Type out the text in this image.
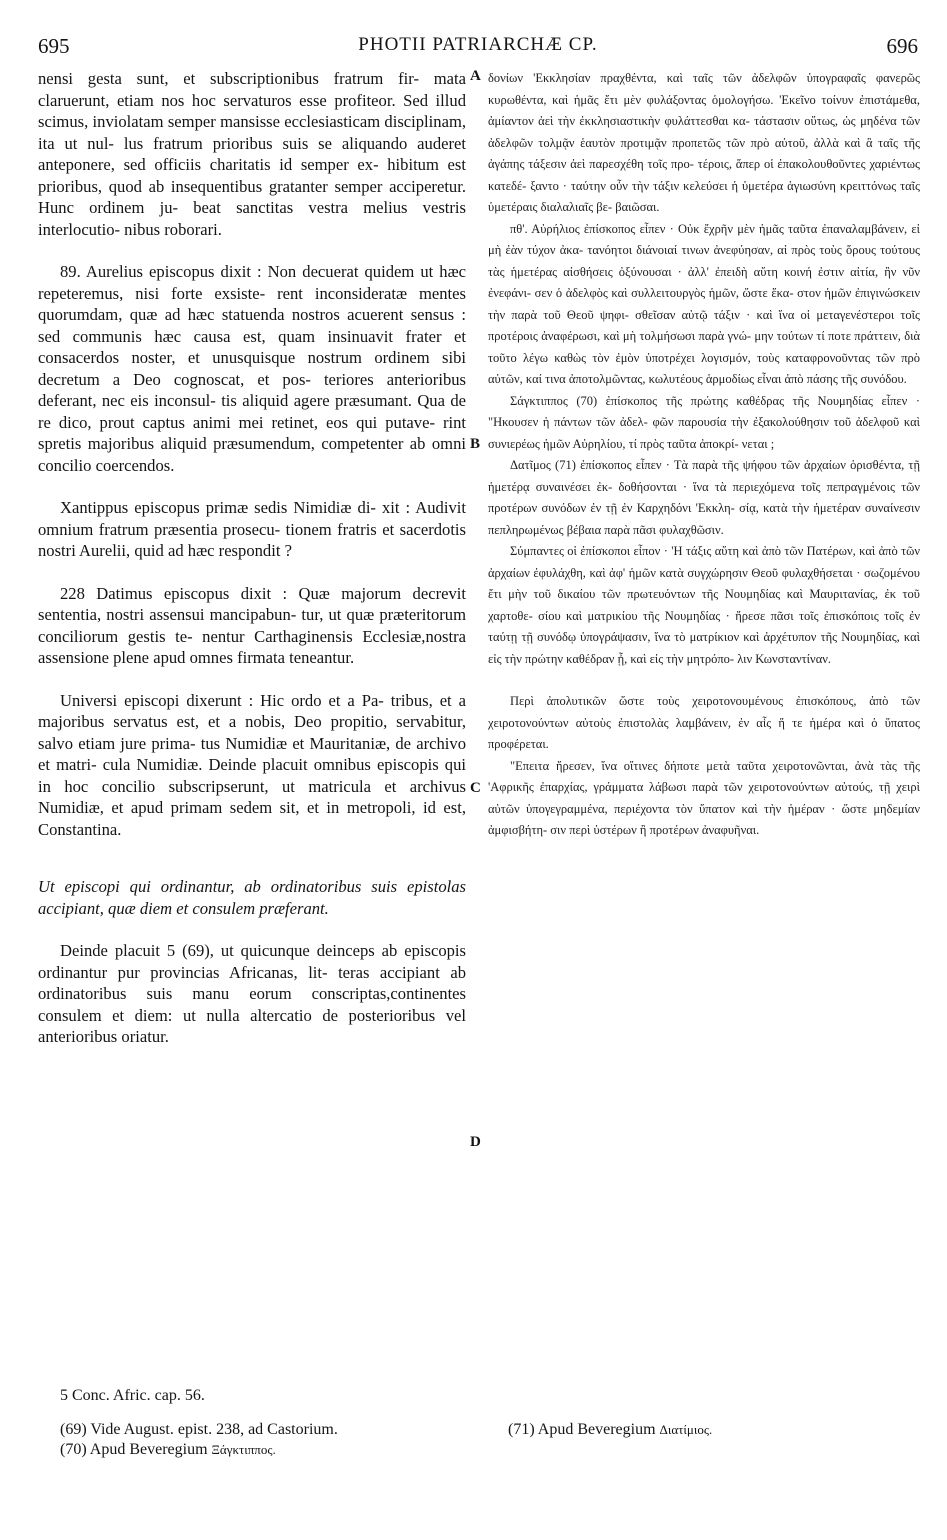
695	PHOTII PATRIARCHÆ CP.	696
A
B
C
D

nensi gesta sunt, et subscriptionibus fratrum fir- mata claruerunt, etiam nos hoc servaturos esse profiteor. Sed illud scimus, inviolatam semper mansisse ecclesiasticam disciplinam, ita ut nul- lus fratrum prioribus suis se aliquando auderet anteponere, sed officiis charitatis id semper ex- hibitum est prioribus, quod ab insequentibus gratanter semper acciperetur. Hunc ordinem ju- beat sanctitas vestra melius vestris interlocutio- nibus roborari.

89. Aurelius episcopus dixit : Non decuerat quidem ut hæc repeteremus, nisi forte exsiste- rent inconsideratæ mentes quorumdam, quæ ad hæc statuenda nostros acuerent sensus : sed communis hæc causa est, quam insinuavit frater et consacerdos noster, et unusquisque nostrum ordinem sibi decretum a Deo cognoscat, et pos- teriores anterioribus deferant, nec eis inconsul- tis aliquid agere præsumant. Qua de re dico, prout captus animi mei retinet, eos qui putave- rint spretis majoribus aliquid præsumendum, competenter ab omni concilio coercendos.

Xantippus episcopus primæ sedis Nimidiæ di- xit : Audivit omnium fratrum præsentia prosecu- tionem fratris et sacerdotis nostri Aurelii, quid ad hæc respondit ?

228 Datimus episcopus dixit : Quæ majorum decrevit sententia, nostri assensui mancipabun- tur, ut quæ præteritorum conciliorum gestis te- nentur Carthaginensis Ecclesiæ,nostra assensione plene apud omnes firmata teneantur.

Universi episcopi dixerunt : Hic ordo et a Pa- tribus, et a majoribus servatus est, et a nobis, Deo propitio, servabitur, salvo etiam jure prima- tus Numidiæ et Mauritaniæ, de archivo et matri- cula Numidiæ. Deinde placuit omnibus episcopis qui in hoc concilio subscripserunt, ut matricula et archivus Numidiæ, et apud primam sedem sit, et in metropoli, id est, Constantina.

Ut episcopi qui ordinantur, ab ordinatoribus suis epistolas accipiant, quæ diem et consulem præferant.

Deinde placuit 5 (69), ut quicunque deinceps ab episcopis ordinantur pur provincias Africanas, lit- teras accipiant ab ordinatoribus suis manu eorum conscriptas,continentes consulem et diem: ut nulla altercatio de posterioribus vel anterioribus oriatur.

δονίων 'Εκκλησίαν πραχθέντα, καὶ ταῖς τῶν ἀδελφῶν ὑπογραφαῖς φανερῶς κυρωθέντα, καὶ ἡμᾶς ἔτι μὲν φυλάξοντας ὁμολογήσω. 'Εκεῖνο τοίνυν ἐπιστάμεθα, ἀμίαντον ἀεὶ τὴν ἐκκλησιαστικὴν φυλάττεσθαι κα- τάστασιν οὕτως, ὡς μηδένα τῶν ἀδελφῶν τολμᾷν ἑαυτὸν προτιμᾷν προπετῶς τῶν πρὸ αὐτοῦ, ἀλλὰ καὶ ἃ ταῖς τῆς ἀγάπης τάξεσιν ἀεὶ παρεσχέθη τοῖς προ- τέροις, ἅπερ οἱ ἐπακολουθοῦντες χαριέντως κατεδέ- ξαντο · ταύτην οὖν τὴν τάξιν κελεύσει ἡ ὑμετέρα ἁγιωσύνη κρειττόνως ταῖς ὑμετέραις διαλαλιαῖς βε- βαιῶσαι.

πθ'. Αὐρήλιος ἐπίσκοπος εἶπεν · Οὐκ ἔχρῆν μὲν ἡμᾶς ταῦτα ἐπαναλαμβάνειν, εἰ μὴ ἐὰν τύχον ἀκα- τανόητοι διάνοιαί τινων ἀνεφύησαν, αἱ πρὸς τοὺς ὅρους τούτους τὰς ἡμετέρας αἰσθήσεις ὀξύνουσαι · ἀλλ' ἐπειδὴ αὕτη κοινή ἐστιν αἰτία, ἣν νῦν ἐνεφάνι- σεν ὁ ἀδελφὸς καὶ συλλειτουργὸς ἡμῶν, ὥστε ἕκα- στον ἡμῶν ἐπιγινώσκειν τὴν παρὰ τοῦ Θεοῦ ψηφι- σθεῖσαν αὐτῷ τάξιν · καὶ ἵνα οἱ μεταγενέστεροι τοῖς προτέροις ἀναφέρωσι, καὶ μὴ τολμήσωσι παρὰ γνώ- μην τούτων τί ποτε πράττειν, διὰ τοῦτο λέγω καθὼς τὸν ἐμὸν ὑποτρέχει λογισμόν, τοὺς καταφρονοῦντας τῶν πρὸ αὐτῶν, καί τινα ἀποτολμῶντας, κωλυτέους ἁρμοδίως εἶναι ἀπὸ πάσης τῆς συνόδου.

Σάγκτιππος (70) ἐπίσκοπος τῆς πρώτης καθέδρας τῆς Νουμηδίας εἶπεν · "Ηκουσεν ἡ πάντων τῶν ἀδελ- φῶν παρουσία τὴν ἐξακολούθησιν τοῦ ἀδελφοῦ καὶ συνιερέως ἡμῶν Αὐρηλίου, τί πρὸς ταῦτα ἀποκρί- νεται ;

Δατῖμος (71) ἐπίσκοπος εἶπεν · Τὰ παρὰ τῆς ψήφου τῶν ἀρχαίων ὁρισθέντα, τῇ ἡμετέρᾳ συναινέσει ἐκ- δοθήσονται · ἵνα τὰ περιεχόμενα τοῖς πεπραγμένοις τῶν προτέρων συνόδων ἐν τῇ ἐν Καρχηδόνι 'Εκκλη- σίᾳ, κατὰ τὴν ἡμετέραν συναίνεσιν πεπληρωμένως βέβαια παρὰ πᾶσι φυλαχθῶσιν.

Σύμπαντες οἱ ἐπίσκοποι εἶπον · 'Η τάξις αὕτη καὶ ἀπὸ τῶν Πατέρων, καὶ ἀπὸ τῶν ἀρχαίων ἐφυλάχθη, καὶ ἀφ' ἡμῶν κατὰ συγχώρησιν Θεοῦ φυλαχθήσεται · σωζομένου ἔτι μὴν τοῦ δικαίου τῶν πρωτευόντων τῆς Νουμηδίας καὶ Μαυριτανίας, ἐκ τοῦ χαρτοθε- σίου καὶ ματρικίου τῆς Νουμηδίας · ἤρεσε πᾶσι τοῖς ἐπισκόποις τοῖς ἐν ταύτῃ τῇ συνόδῳ ὑπογράψασιν, ἵνα τὸ ματρίκιον καὶ ἀρχέτυπον τῆς Νουμηδίας, καὶ εἰς τὴν πρώτην καθέδραν ᾖ, καὶ εἰς τὴν μητρόπο- λιν Κωνσταντίναν.

Περὶ ἀπολυτικῶν ὥστε τοὺς χειροτονουμένους ἐπισκόπους, ἀπὸ τῶν χειροτονούντων αὐτοὺς ἐπιστολὰς λαμβάνειν, ἐν αἷς ἥ τε ἡμέρα καὶ ὁ ὕπατος προφέρεται.

"Επειτα ἤρεσεν, ἵνα οἵτινες δήποτε μετὰ ταῦτα χειροτονῶνται, ἀνὰ τὰς τῆς 'Αφρικῆς ἐπαρχίας, γράμματα λάβωσι παρὰ τῶν χειροτονούντων αὐτούς, τῇ χειρὶ αὐτῶν ὑπογεγραμμένα, περιέχοντα τὸν ὕπατον καὶ τὴν ἡμέραν · ὥστε μηδεμίαν ἀμφισβήτη- σιν περὶ ὑστέρων ἢ προτέρων ἀναφυῆναι.

5 Conc. Afric. cap. 56.
(69) Vide August. epist. 238, ad Castorium.
(70) Apud Beveregium Ξάγκτιππος.
(71) Apud Beveregium Διατίμιος.
